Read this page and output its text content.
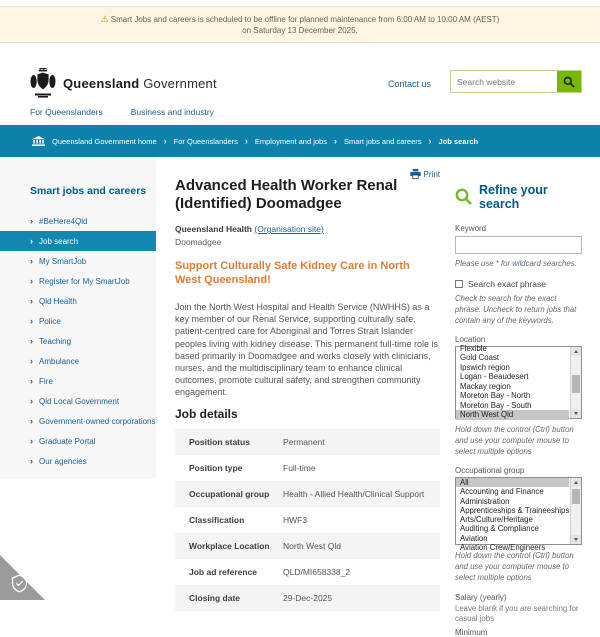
⚠ Smart Jobs and careers is scheduled to be offline for planned maintenance from 6:00 AM to 10:00 AM (AEST) on Saturday 13 December 2025.
Queensland Government	Contact us
Search website
For Queenslanders	Business and industry
Queensland Government home › For Queenslanders › Employment and jobs › Smart jobs and careers › Job search
Smart jobs and careers
› #BeHere4Qld
› Job search
› My SmartJob
› Register for My SmartJob
› Qld Health
› Police
› Teaching
› Ambulance
› Fire
› Qld Local Government
› Government-owned corporations
› Graduate Portal
› Our agencies
Print
Advanced Health Worker Renal (Identified) Doomadgee

Queensland Health (Organisation site)

Doomadgee

Support Culturally Safe Kidney Care in North West Queensland!

Join the North West Hospital and Health Service (NWHHS) as a key member of our Renal Service, supporting culturally safe, patient-centred care for Aboriginal and Torres Strait Islander peoples living with kidney disease. This permanent full-time role is based primarily in Doomadgee and works closely with clinicians, nurses, and the multidisciplinary team to enhance clinical outcomes, promote cultural safety, and strengthen community engagement.

Job details
Position status	Permanent
Position type	Full-time
Occupational group	Health - Allied Health/Clinical Support
Classification	HWF3
Workplace Location	North West Qld
Job ad reference	QLD/MI658338_2
Closing date	29-Dec-2025
Refine your search
Keyword

Please use * for wildcard searches.

Search exact phrase

Check to search for the exact phrase. Uncheck to return jobs that contain any of the keywords.

Location
Flexible
Gold Coast
Ipswich region
Logan - Beaudesert
Mackay region
Moreton Bay - North
Moreton Bay - South
North West Qld

Hold down the control (Ctrl) button and use your computer mouse to select multiple options

Occupational group
All
Accounting and Finance
Administration
Apprenticeships & Traineeships
Arts/Culture/Heritage
Auditing & Compliance
Aviation
Aviation Crew/Engineers

Hold down the control (Ctrl) button and use your computer mouse to select multiple options

Salary (yearly)

Leave blank if you are searching for casual jobs

Minimum
